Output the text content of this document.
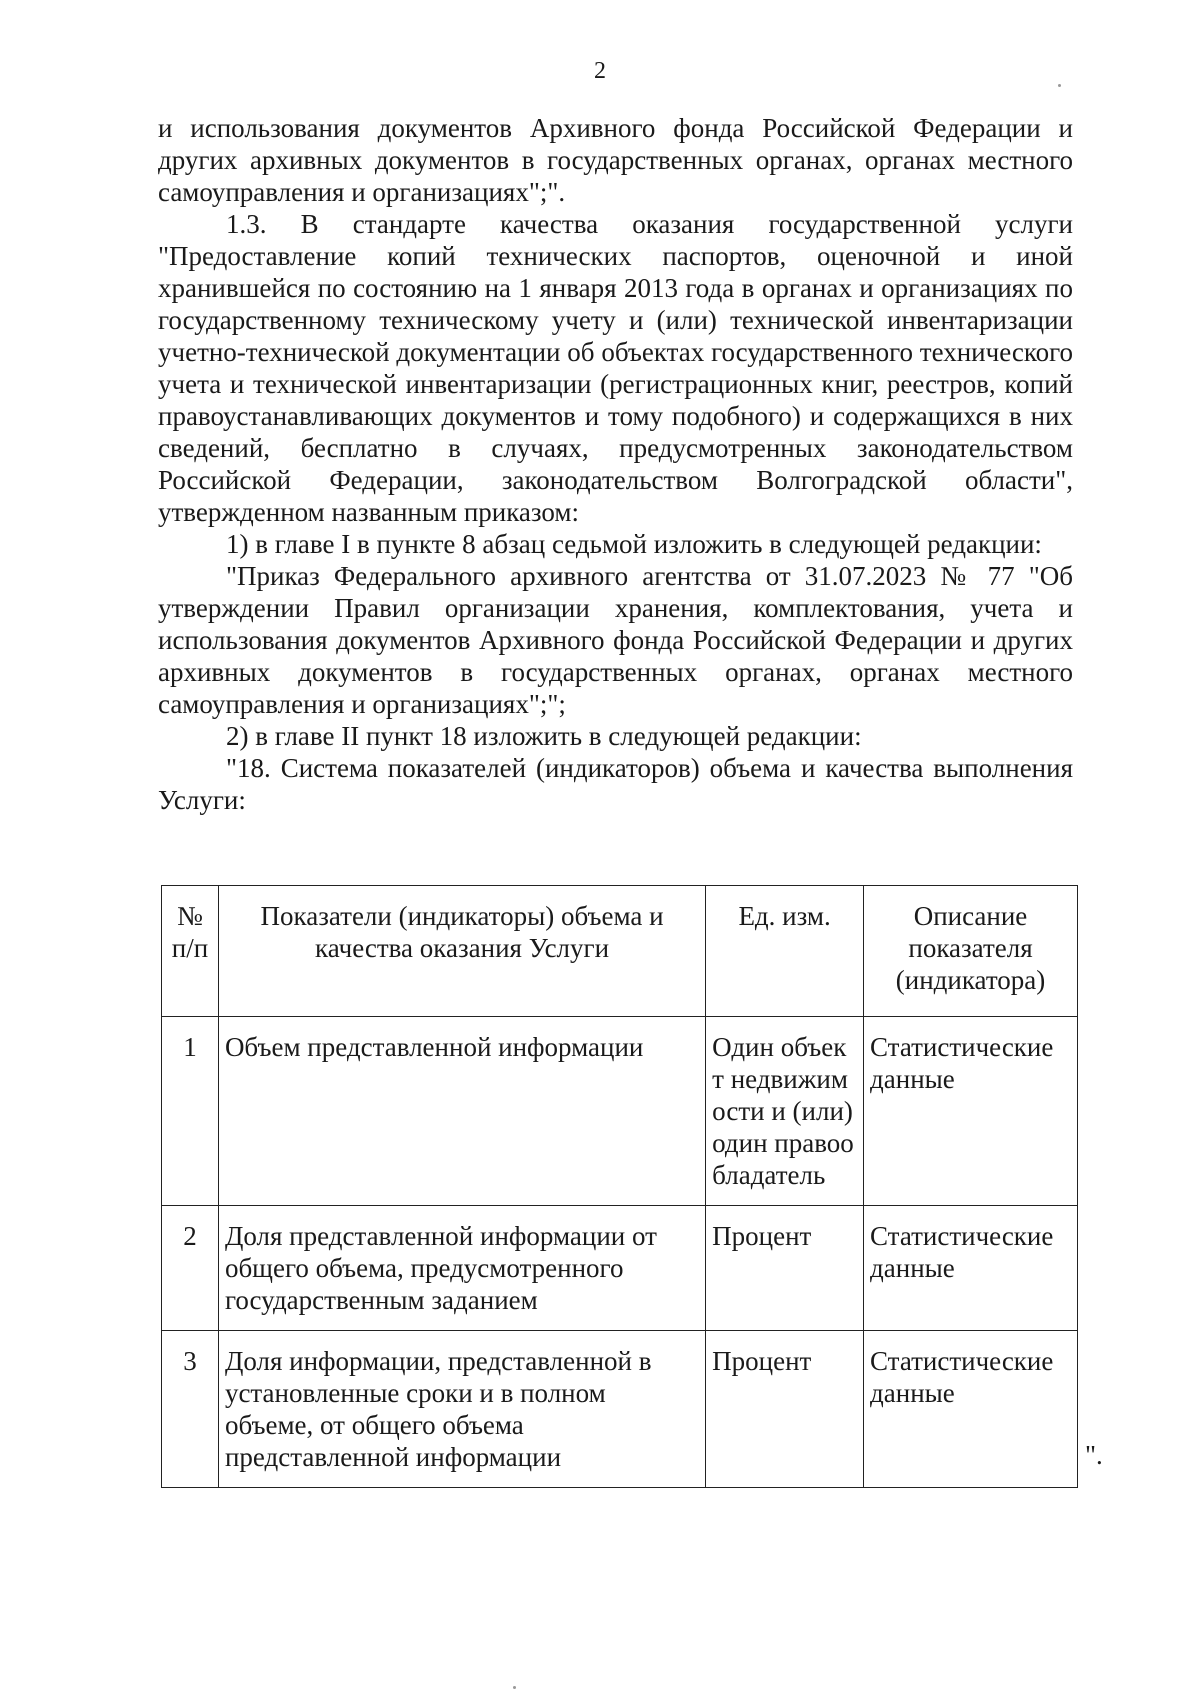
2

и использования документов Архивного фонда Российской Федерации и других архивных документов в государственных органах, органах местного самоуправления и организациях";".

1.3. В стандарте качества оказания государственной услуги "Предоставление копий технических паспортов, оценочной и иной хранившейся по состоянию на 1 января 2013 года в органах и организациях по государственному техническому учету и (или) технической инвентаризации учетно-технической документации об объектах государственного технического учета и технической инвентаризации (регистрационных книг, реестров, копий правоустанавливающих документов и тому подобного) и содержащихся в них сведений, бесплатно в случаях, предусмотренных законодательством Российской Федерации, законодательством Волгоградской области", утвержденном названным приказом:

1) в главе I в пункте 8 абзац седьмой изложить в следующей редакции:

"Приказ Федерального архивного агентства от 31.07.2023 № 77 "Об утверждении Правил организации хранения, комплектования, учета и использования документов Архивного фонда Российской Федерации и других архивных документов в государственных органах, органах местного самоуправления и организациях";";

2) в главе II пункт 18 изложить в следующей редакции:

"18. Система показателей (индикаторов) объема и качества выполнения Услуги:

№ п/п	Показатели (индикаторы) объема и качества оказания Услуги	Ед. изм.	Описание показателя (индикатора)
1	Объем представленной информации	Один объект недвижимости и (или) один правообладатель	Статистические данные
2	Доля представленной информации от общего объема, предусмотренного государственным заданием	Процент	Статистические данные
3	Доля информации, представленной в установленные сроки и в полном объеме, от общего объема представленной информации	Процент	Статистические данные
".
